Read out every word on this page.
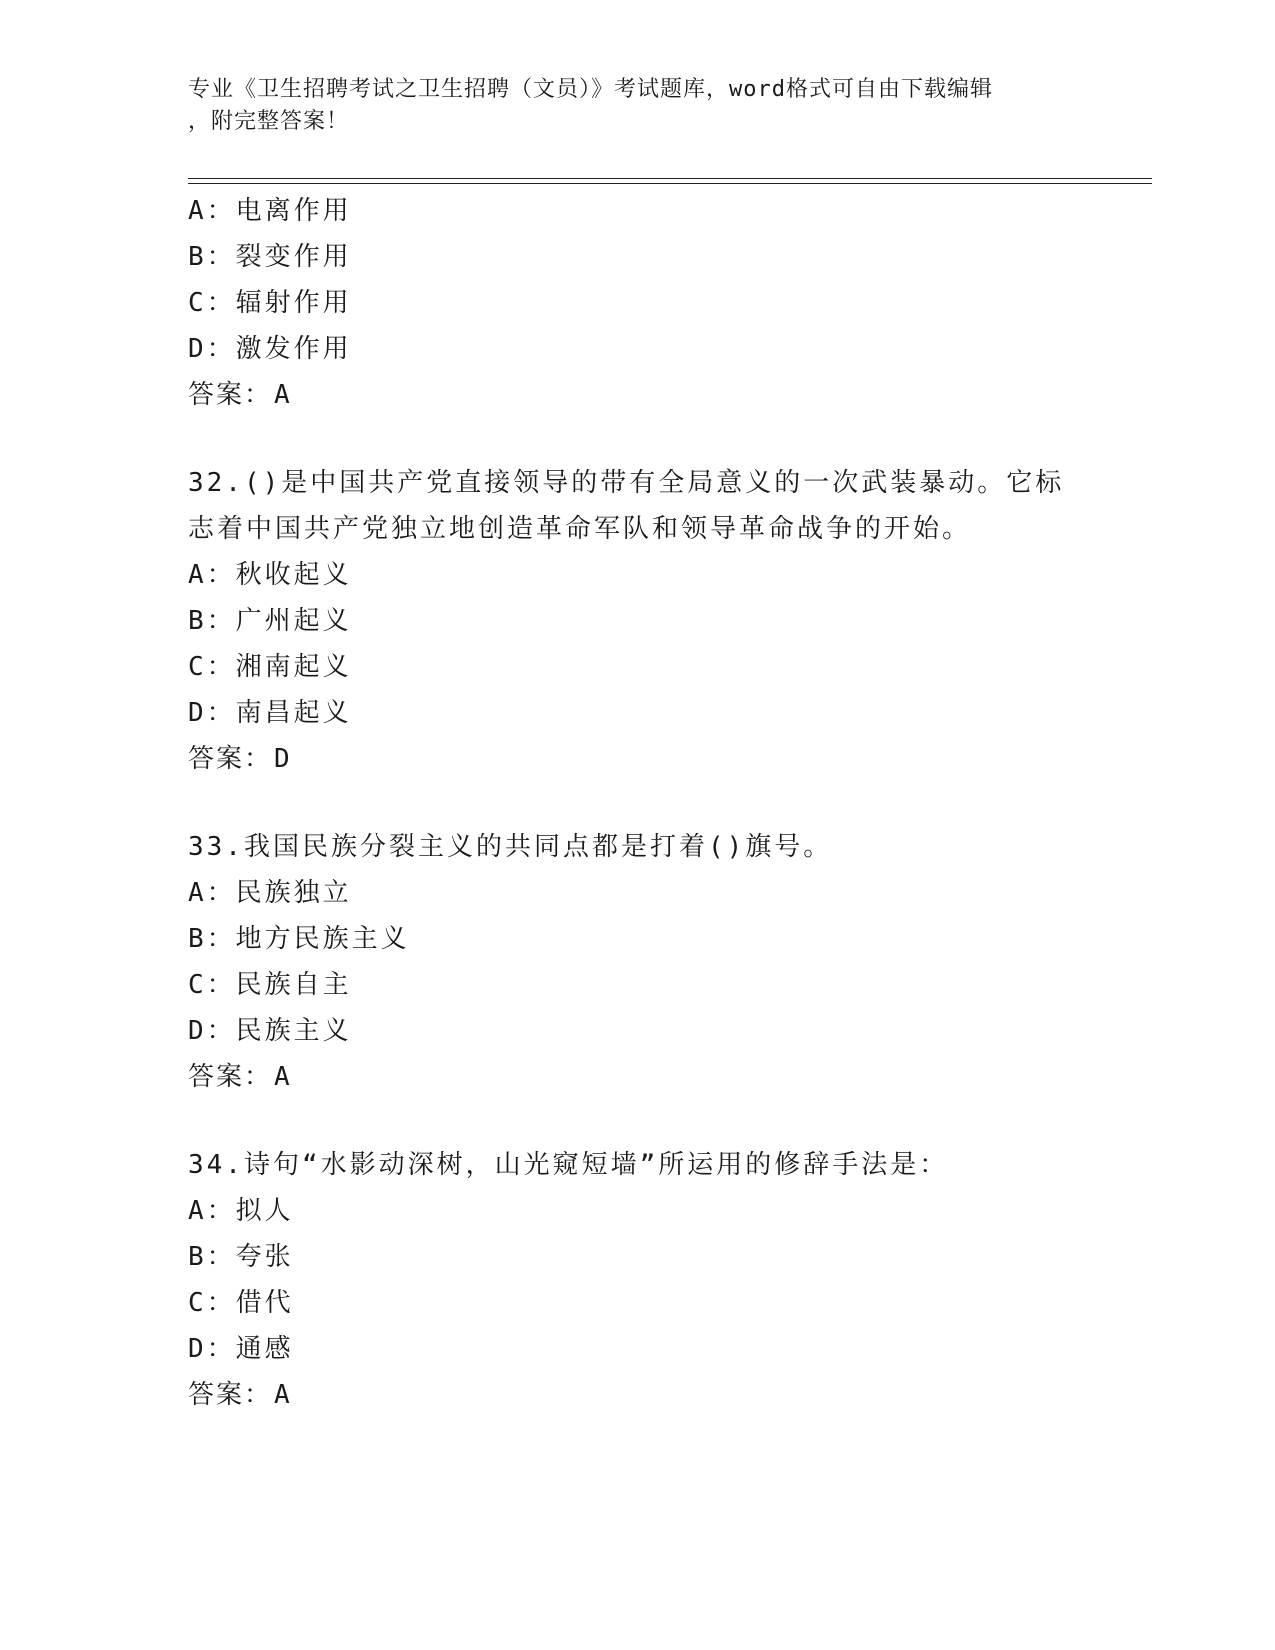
专业《卫生招聘考试之卫生招聘（文员）》考试题库，word格式可自由下载编辑
，附完整答案！
A：电离作用
B：裂变作用
C：辐射作用
D：激发作用
答案：A
32.()是中国共产党直接领导的带有全局意义的一次武装暴动。它标志着中国共产党独立地创造革命军队和领导革命战争的开始。
A：秋收起义
B：广州起义
C：湘南起义
D：南昌起义
答案：D
33.我国民族分裂主义的共同点都是打着()旗号。
A：民族独立
B：地方民族主义
C：民族自主
D：民族主义
答案：A
34.诗句“水影动深树，山光窥短墙”所运用的修辞手法是：
A：拟人
B：夸张
C：借代
D：通感
答案：A
